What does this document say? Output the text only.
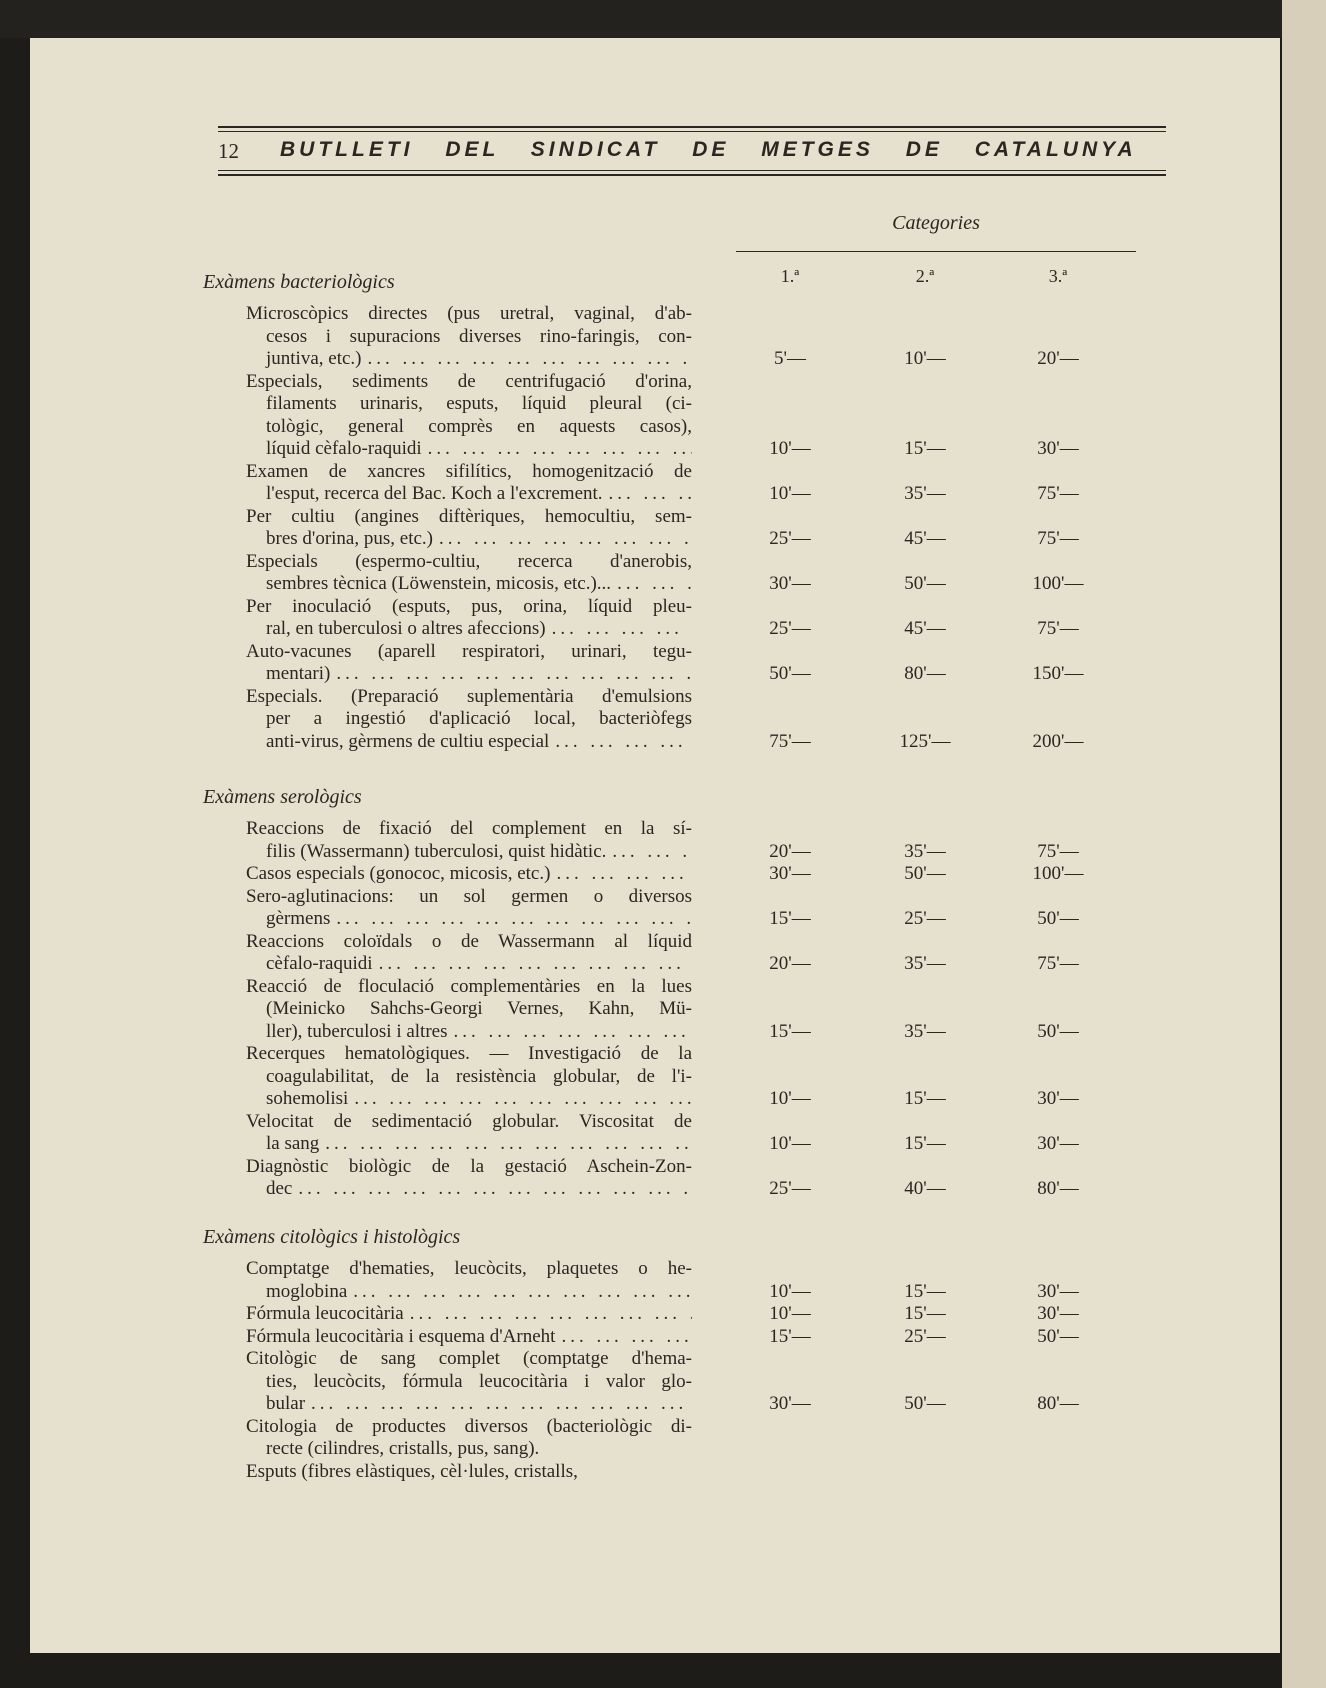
12 BUTLLETI DEL SINDICAT DE METGES DE CATALUNYA
Categories
1.ª	2.ª	3.ª
Exàmens bacteriològics
Microscòpics directes (pus uretral, vaginal, d'ab-
cesos i supuracions diverses rino-faringis, con-
juntiva, etc.) ... .	5'—	10'—	20'—
Especials, sediments de centrifugació d'orina,
filaments urinaris, esputs, líquid pleural (ci-
tològic, general comprès en aquests casos),
líquid cèfalo-raquidi ... .	10'—	15'—	30'—
Examen de xancres sifilítics, homogenització de
l'esput, recerca del Bac. Koch a l'excrement. ... .	10'—	35'—	75'—
Per cultiu (angines diftèriques, hemocultiu, sem-
bres d'orina, pus, etc.) ... .	25'—	45'—	75'—
Especials (espermo-cultiu, recerca d'anerobis,
sembres tècnica (Löwenstein, micosis, etc.)... ... .	30'—	50'—	100'—
Per inoculació (esputs, pus, orina, líquid pleu-
ral, en tuberculosi o altres afeccions) ... .	25'—	45'—	75'—
Auto-vacunes (aparell respiratori, urinari, tegu-
mentari) ... .	50'—	80'—	150'—
Especials. (Preparació suplementària d'emulsions
per a ingestió d'aplicació local, bacteriòfegs
anti-virus, gèrmens de cultiu especial ... .	75'—	125'—	200'—
Exàmens serològics
Reaccions de fixació del complement en la sí-
filis (Wassermann) tuberculosi, quist hidàtic. ... .	20'—	35'—	75'—
Casos especials (gonococ, micosis, etc.) ... .	30'—	50'—	100'—
Sero-aglutinacions: un sol germen o diversos
gèrmens ... .	15'—	25'—	50'—
Reaccions coloïdals o de Wassermann al líquid
cèfalo-raquidi ... .	20'—	35'—	75'—
Reacció de floculació complementàries en la lues
(Meinicko Sahchs-Georgi Vernes, Kahn, Mü-
ller), tuberculosi i altres ... .	15'—	35'—	50'—
Recerques hematològiques. — Investigació de la
coagulabilitat, de la resistència globular, de l'i-
sohemolisi ... .	10'—	15'—	30'—
Velocitat de sedimentació globular. Viscositat de
la sang ... .	10'—	15'—	30'—
Diagnòstic biològic de la gestació Aschein-Zon-
dec ... .	25'—	40'—	80'—
Exàmens citològics i histològics
Comptatge d'hematies, leucòcits, plaquetes o he-
moglobina ... .	10'—	15'—	30'—
Fórmula leucocitària ... .	10'—	15'—	30'—
Fórmula leucocitària i esquema d'Arneht ... .	15'—	25'—	50'—
Citològic de sang complet (comptatge d'hema-
ties, leucòcits, fórmula leucocitària i valor glo-
bular ... .	30'—	50'—	80'—
Citologia de productes diversos (bacteriològic di-
recte (cilindres, cristalls, pus, sang).
Esputs (fibres elàstiques, cèl·lules, cristalls,
